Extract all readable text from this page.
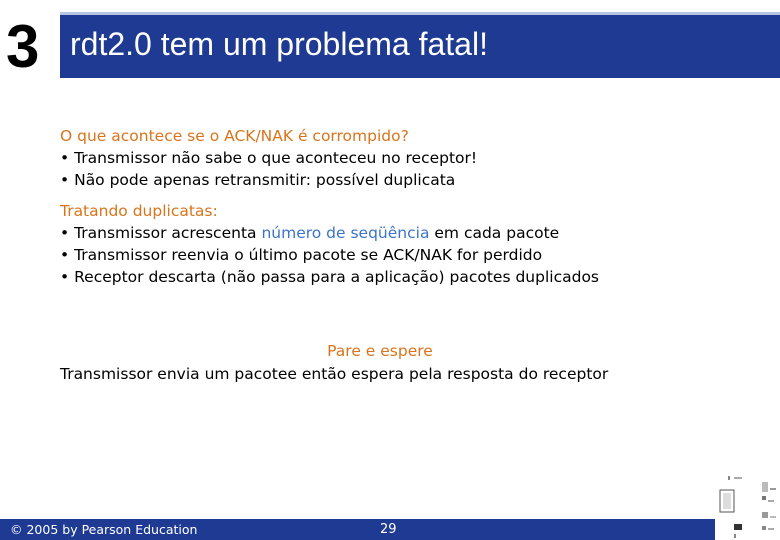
3 rdt2.0 tem um problema fatal!
O que acontece se o ACK/NAK é corrompido?
• Transmissor não sabe o que aconteceu no receptor!
• Não pode apenas retransmitir: possível duplicata
Tratando duplicatas:
• Transmissor acrescenta número de seqüência em cada pacote
• Transmissor reenvia o último pacote se ACK/NAK for perdido
• Receptor descarta (não passa para a aplicação) pacotes duplicados
Pare e espere
Transmissor envia um pacotee então espera pela resposta do receptor
© 2005 by Pearson Education	29
